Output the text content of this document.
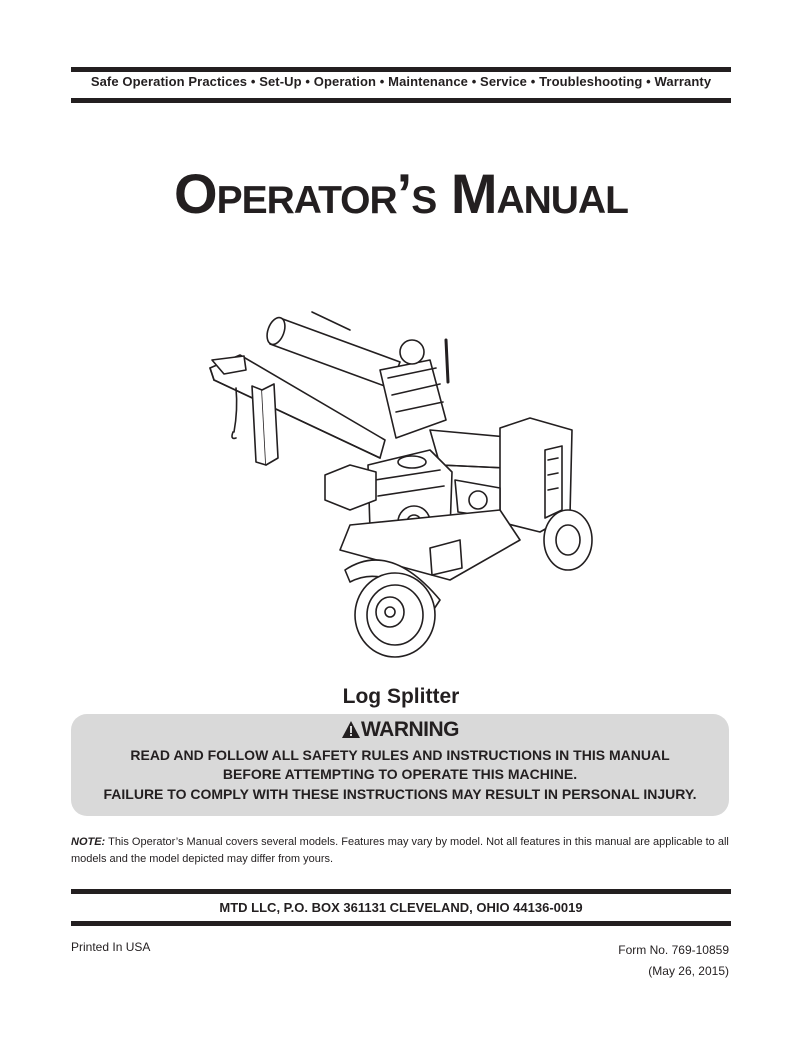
Safe Operation Practices • Set-Up • Operation • Maintenance • Service • Troubleshooting • Warranty
Operator’s Manual
Log Splitter
WARNING
READ AND FOLLOW ALL SAFETY RULES AND INSTRUCTIONS IN THIS MANUAL
BEFORE ATTEMPTING TO OPERATE THIS MACHINE.
FAILURE TO COMPLY WITH THESE INSTRUCTIONS MAY RESULT IN PERSONAL INJURY.
NOTE: This Operator’s Manual covers several models. Features may vary by model. Not all features in this manual are applicable to all models and the model depicted may differ from yours.
MTD LLC, P.O. BOX 361131 CLEVELAND, OHIO 44136-0019
Printed In USA	Form No. 769-10859
(May 26, 2015)
